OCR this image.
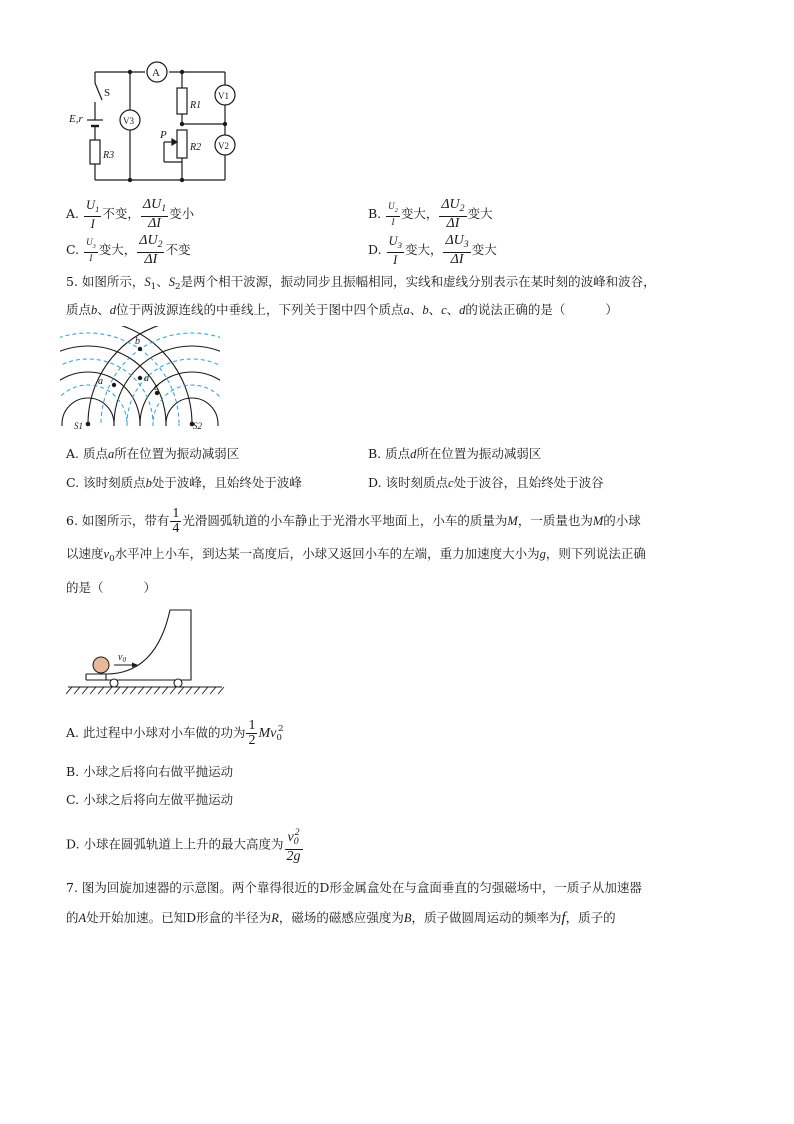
A
S
E,r	V3
V1
V2
R1
R2
R3
P
A. $\frac{U_1}{I}$ 不变， $\frac{\Delta U_1}{\Delta I}$ 变小	B. $\frac{U_2}{I}$ 变大， $\frac{\Delta U_2}{\Delta I}$ 变大
C. $\frac{U_3}{I}$ 变大， $\frac{\Delta U_2}{\Delta I}$ 不变	D. $\frac{U_3}{I}$ 变大， $\frac{\Delta U_3}{\Delta I}$ 变大
5. 如图所示，$S_1$、$S_2$是两个相干波源，振动同步且振幅相同，实线和虚线分别表示在某时刻的波峰和波谷，
质点b、d位于两波源连线的中垂线上，下列关于图中四个质点a、b、c、d的说法正确的是（	）
b
a	d
c
S1	S2
A. 质点a所在位置为振动减弱区	B. 质点d所在位置为振动减弱区
C. 该时刻质点b处于波峰，且始终处于波峰	D. 该时刻质点c处于波谷，且始终处于波谷
6. 如图所示，带有 $\frac{1}{4}$ 光滑圆弧轨道的小车静止于光滑水平地面上，小车的质量为M，一质量也为M的小球
以速度$v_0$水平冲上小车，到达某一高度后，小球又返回小车的左端，重力加速度大小为g，则下列说法正确
的是（	）
$v_0$
A. 此过程中小球对小车做的功为 $\frac{1}{2} Mv_0^2$
B. 小球之后将向右做平抛运动
C. 小球之后将向左做平抛运动
D. 小球在圆弧轨道上上升的最大高度为 $\frac{v_0^2}{2g}$
7. 图为回旋加速器的示意图。两个靠得很近的D形金属盒处在与盒面垂直的匀强磁场中，一质子从加速器
的A处开始加速。已知D形盒的半径为R，磁场的磁感应强度为B，质子做圆周运动的频率为f，质子的
